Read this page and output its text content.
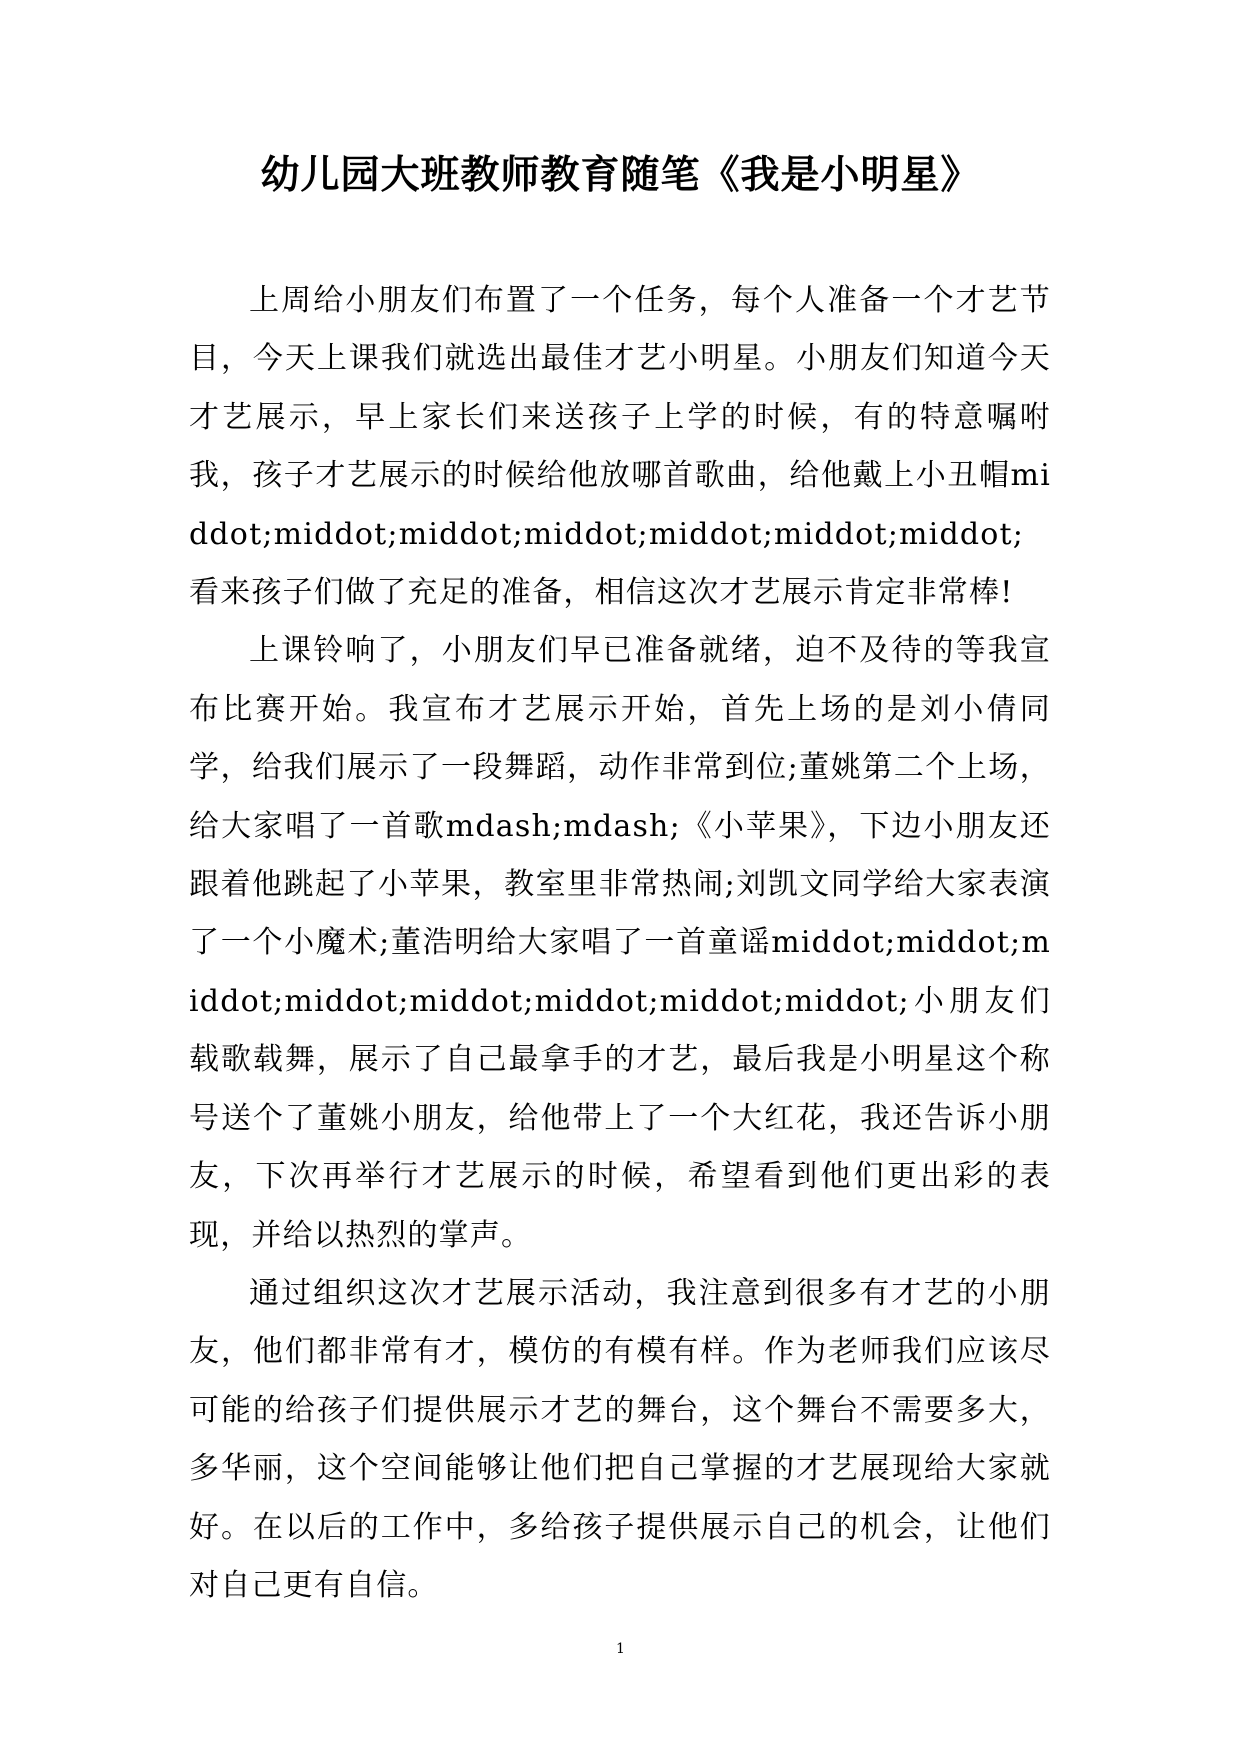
幼儿园大班教师教育随笔《我是小明星》

上周给小朋友们布置了一个任务，每个人准备一个才艺节目，今天上课我们就选出最佳才艺小明星。小朋友们知道今天才艺展示，早上家长们来送孩子上学的时候，有的特意嘱咐我，孩子才艺展示的时候给他放哪首歌曲，给他戴上小丑帽middot;middot;middot;middot;middot;middot;middot;看来孩子们做了充足的准备，相信这次才艺展示肯定非常棒!

上课铃响了，小朋友们早已准备就绪，迫不及待的等我宣布比赛开始。我宣布才艺展示开始，首先上场的是刘小倩同学，给我们展示了一段舞蹈，动作非常到位;董姚第二个上场，给大家唱了一首歌mdash;mdash;《小苹果》，下边小朋友还跟着他跳起了小苹果，教室里非常热闹;刘凯文同学给大家表演了一个小魔术;董浩明给大家唱了一首童谣middot;middot;middot;middot;middot;middot;middot;middot;小朋友们载歌载舞，展示了自己最拿手的才艺，最后我是小明星这个称号送个了董姚小朋友，给他带上了一个大红花，我还告诉小朋友，下次再举行才艺展示的时候，希望看到他们更出彩的表现，并给以热烈的掌声。

通过组织这次才艺展示活动，我注意到很多有才艺的小朋友，他们都非常有才，模仿的有模有样。作为老师我们应该尽可能的给孩子们提供展示才艺的舞台，这个舞台不需要多大，多华丽，这个空间能够让他们把自己掌握的才艺展现给大家就好。在以后的工作中，多给孩子提供展示自己的机会，让他们对自己更有自信。

1
